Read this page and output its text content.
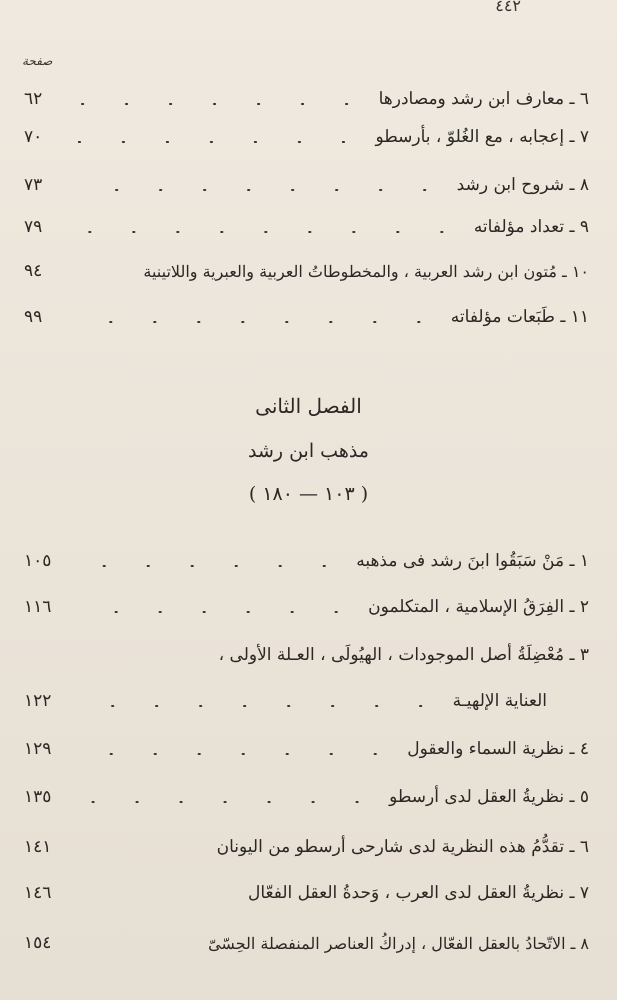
٤٤٢
صفحة
٦ ـ معارف ابن رشد ومصادرها
٦٢
٧ ـ إعجابه ، مع الغُلوّ ، بأرسطو
٧٠
٨ ـ شروح ابن رشد
٧٣
٩ ـ تعداد مؤلفاته
٧٩
١٠ ـ مُتون ابن رشد العربية ، والمخطوطاتُ العربية والعبرية واللاتينية
٩٤
١١ ـ طَبَعات مؤلفاته
٩٩
الفصل الثانى
مذهب ابن رشد
( ١٠٣ — ١٨٠ )
١ ـ مَنْ سَبَقُوا ابنَ رشد فى مذهبه
١٠٥
٢ ـ الفِرَقُ الإسلامية ، المتكلمون
١١٦
٣ ـ مُعْضِلَةُ أصل الموجودات ، الهيُولَى ، العـلة الأولى ،
العناية الإلهيـة
١٢٢
٤ ـ نظرية السماء والعقول
١٢٩
٥ ـ نظريةُ العقل لدى أرسطو
١٣٥
٦ ـ تقدُّمُ هذه النظرية لدى شارحى أرسطو من اليونان
١٤١
٧ ـ نظريةُ العقل لدى العرب ، وَحدةُ العقل الفعّال
١٤٦
٨ ـ الاتّحادُ بالعقل الفعّال ، إدراكُ العناصر المنفصلة الحِسّىّ
١٥٤
